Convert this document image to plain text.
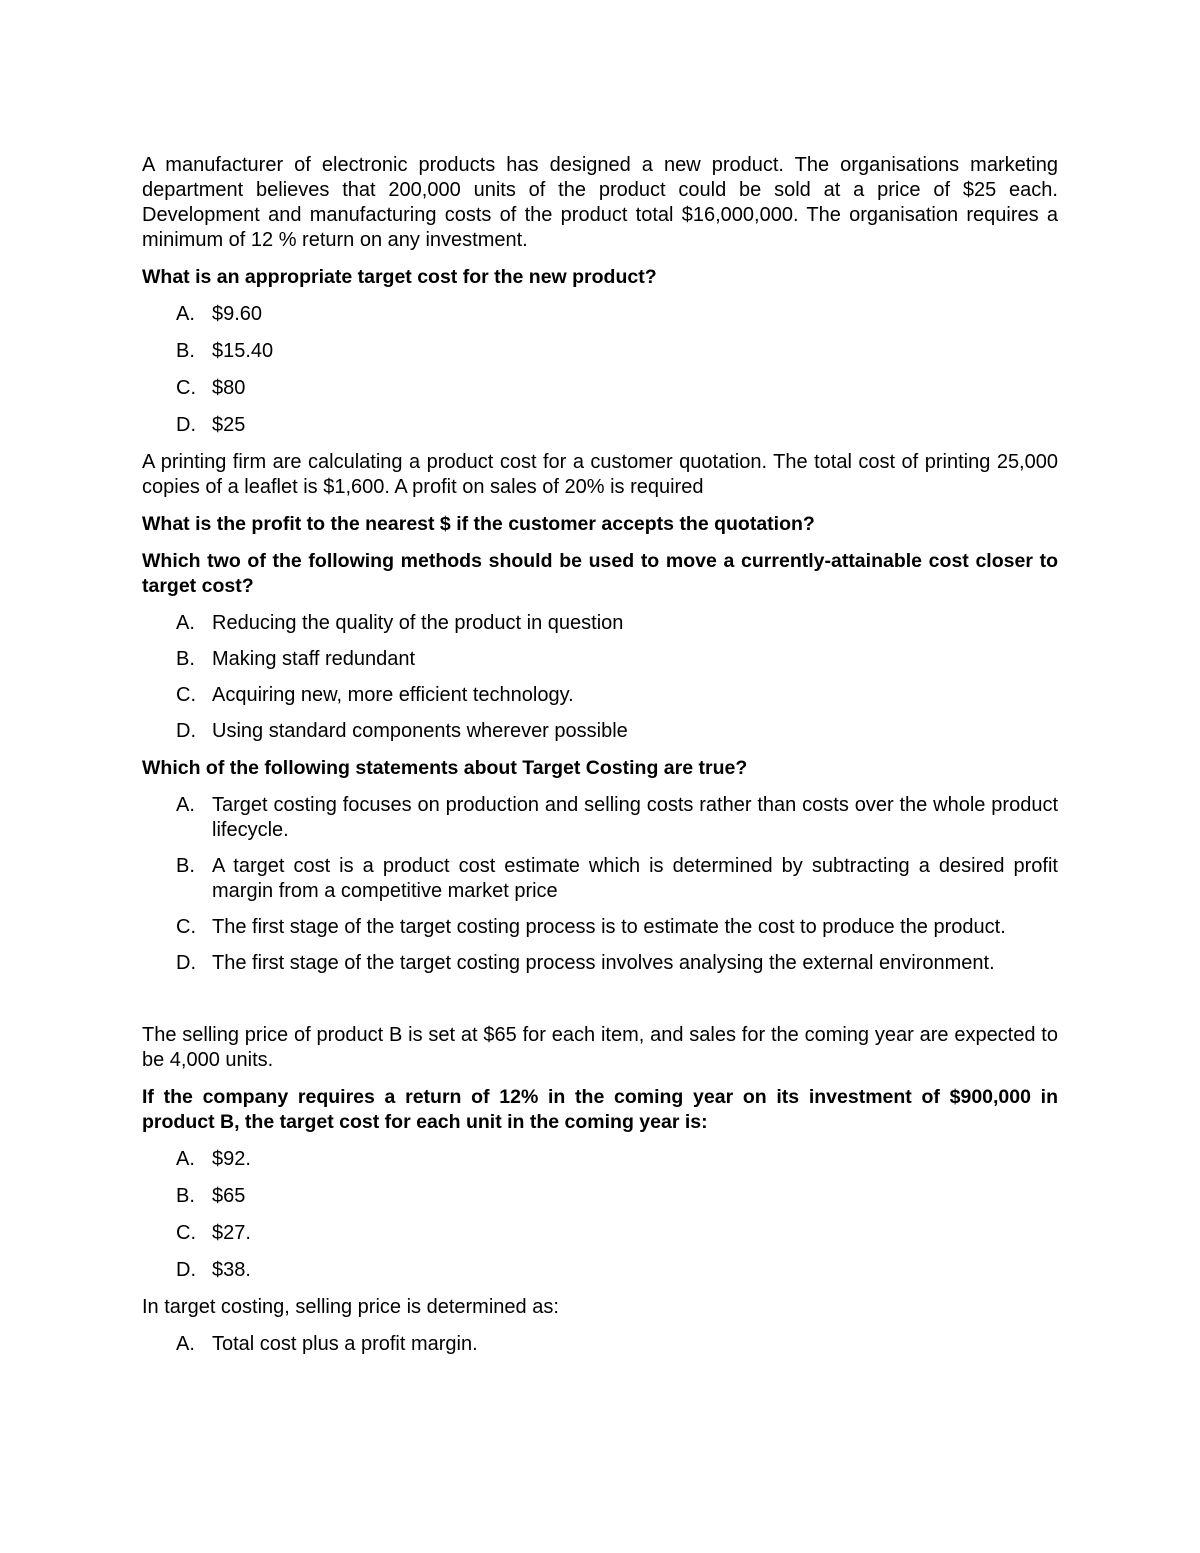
A manufacturer of electronic products has designed a new product. The organisations marketing department believes that 200,000 units of the product could be sold at a price of $25 each. Development and manufacturing costs of the product total $16,000,000. The organisation requires a minimum of 12 % return on any investment.

What is an appropriate target cost for the new product?

A. $9.60
B. $15.40
C. $80
D. $25

A printing firm are calculating a product cost for a customer quotation. The total cost of printing 25,000 copies of a leaflet is $1,600. A profit on sales of 20% is required

What is the profit to the nearest $ if the customer accepts the quotation?

Which two of the following methods should be used to move a currently-attainable cost closer to target cost?

A. Reducing the quality of the product in question
B. Making staff redundant
C. Acquiring new, more efficient technology.
D. Using standard components wherever possible

Which of the following statements about Target Costing are true?

A. Target costing focuses on production and selling costs rather than costs over the whole product lifecycle.
B. A target cost is a product cost estimate which is determined by subtracting a desired profit margin from a competitive market price
C. The first stage of the target costing process is to estimate the cost to produce the product.
D. The first stage of the target costing process involves analysing the external environment.

The selling price of product B is set at $65 for each item, and sales for the coming year are expected to be 4,000 units.

If the company requires a return of 12% in the coming year on its investment of $900,000 in product B, the target cost for each unit in the coming year is:

A. $92.
B. $65
C. $27.
D. $38.

In target costing, selling price is determined as:

A. Total cost plus a profit margin.
